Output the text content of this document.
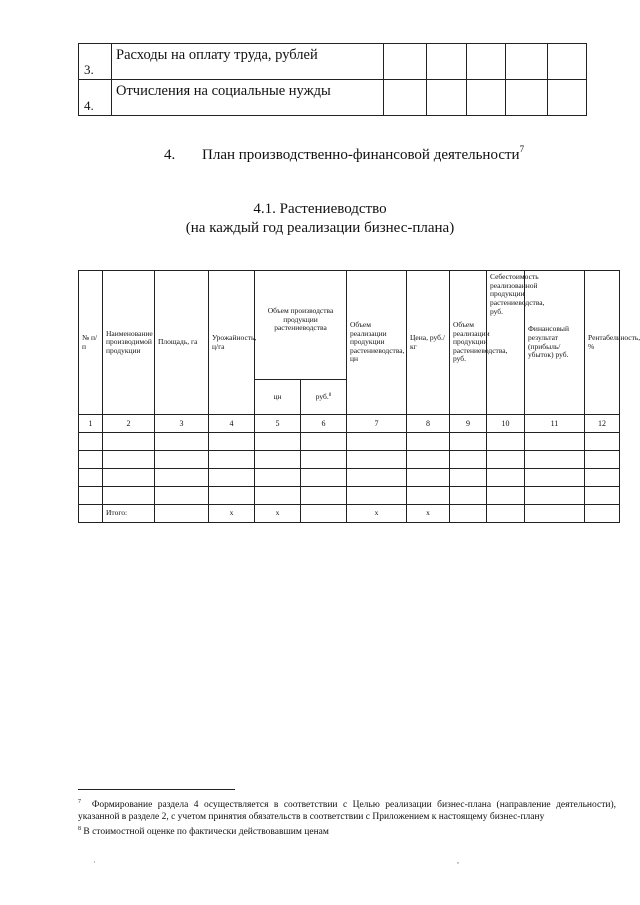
3.	Расходы на оплату труда, рублей					
4.	Отчисления на социальные нужды					
4. План производственно-финансовой деятельности$^7$
4.1. Растениеводство
(на каждый год реализации бизнес-плана)
№ п/ п	Наименование производимой продукции	Площадь, га	Урожайность, ц/га	Объем производства продукции растениеводства		Объем реализации продукции растениеводства, цн	Цена, руб./кг	Объем реализации продукции растениеводства, руб.	Себестоимость реализованной продукции растениеводства, руб.	Финансовый результат (прибыль/ убыток) руб.	Рентабельность, %
				цн	руб.$^8$
1	2	3	4	5	6	7	8	9	10	11	12

	Итого:		x	x		x	x				

$^7$ Формирование раздела 4 осуществляется в соответствии с Целью реализации бизнес-плана (направление деятельности), указанной в разделе 2, с учетом принятия обязательств в соответствии с Приложением к настоящему бизнес-плану

$^8$ В стоимостной оценке по фактически действовавшим ценам

·	,
